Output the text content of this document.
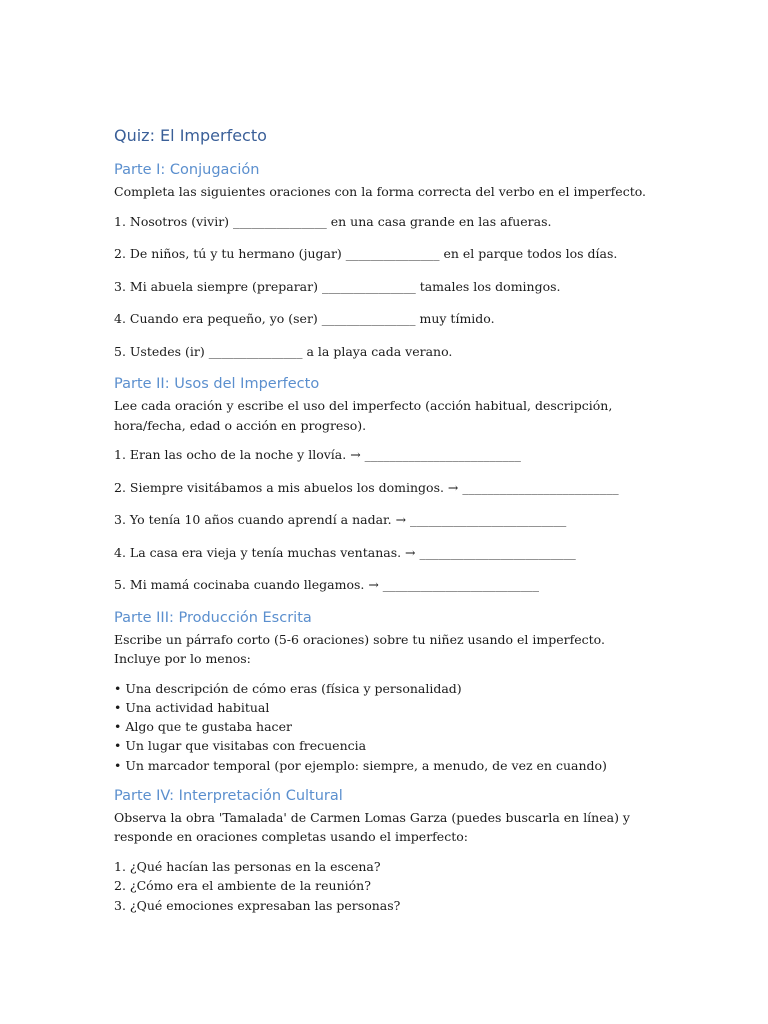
Quiz: El Imperfecto
Parte I: Conjugación
Completa las siguientes oraciones con la forma correcta del verbo en el imperfecto.
1. Nosotros (vivir) _______________ en una casa grande en las afueras.
2. De niños, tú y tu hermano (jugar) _______________ en el parque todos los días.
3. Mi abuela siempre (preparar) _______________ tamales los domingos.
4. Cuando era pequeño, yo (ser) _______________ muy tímido.
5. Ustedes (ir) _______________ a la playa cada verano.
Parte II: Usos del Imperfecto
Lee cada oración y escribe el uso del imperfecto (acción habitual, descripción, hora/fecha, edad o acción en progreso).
1. Eran las ocho de la noche y llovía. → _________________________
2. Siempre visitábamos a mis abuelos los domingos. → _________________________
3. Yo tenía 10 años cuando aprendí a nadar. → _________________________
4. La casa era vieja y tenía muchas ventanas. → _________________________
5. Mi mamá cocinaba cuando llegamos. → _________________________
Parte III: Producción Escrita
Escribe un párrafo corto (5-6 oraciones) sobre tu niñez usando el imperfecto. Incluye por lo menos:
• Una descripción de cómo eras (física y personalidad)
• Una actividad habitual
• Algo que te gustaba hacer
• Un lugar que visitabas con frecuencia
• Un marcador temporal (por ejemplo: siempre, a menudo, de vez en cuando)
Parte IV: Interpretación Cultural
Observa la obra 'Tamalada' de Carmen Lomas Garza (puedes buscarla en línea) y responde en oraciones completas usando el imperfecto:
1. ¿Qué hacían las personas en la escena?
2. ¿Cómo era el ambiente de la reunión?
3. ¿Qué emociones expresaban las personas?
